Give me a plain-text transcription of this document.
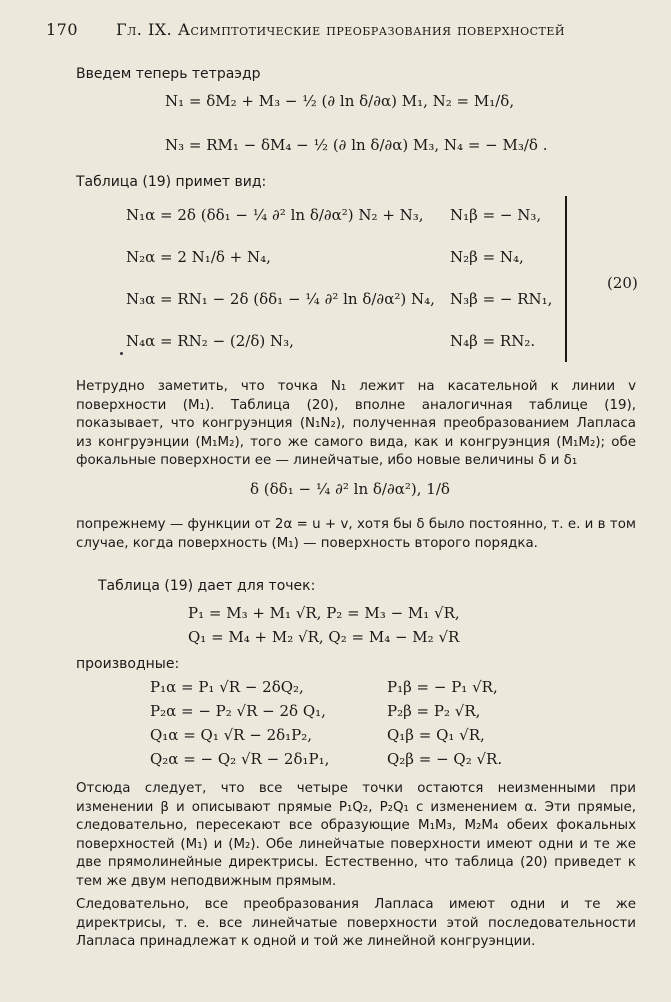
170 Гл. IX. Асимптотические преобразования поверхностей
Введем теперь тетраэдр
N₁ = δM₂ + M₃ − ½ (∂ ln δ/∂α) M₁, N₂ = M₁/δ,
N₃ = RM₁ − δM₄ − ½ (∂ ln δ/∂α) M₃, N₄ = − M₃/δ .
Таблица (19) примет вид:
N₁α = 2δ (δδ₁ − ¼ ∂² ln δ/∂α²) N₂ + N₃,
N₂α = 2 N₁/δ + N₄,
N₃α = RN₁ − 2δ (δδ₁ − ¼ ∂² ln δ/∂α²) N₄,
N₄α = RN₂ − (2/δ) N₃,
N₁β = − N₃,
N₂β = N₄,
N₃β = − RN₁,
N₄β = RN₂.
(20)
Нетрудно заметить, что точка N₁ лежит на касательной к линии v поверхности (M₁). Таблица (20), вполне аналогичная таблице (19), показывает, что конгруэнция (N₁N₂), полученная преобразованием Лапласа из конгруэнции (M₁M₂), того же самого вида, как и конгруэнция (M₁M₂); обе фокальные поверхности ее — линейчатые, ибо новые величины δ и δ₁
δ (δδ₁ − ¼ ∂² ln δ/∂α²), 1/δ
попрежнему — функции от 2α = u + v, хотя бы δ было постоянно, т. е. и в том случае, когда поверхность (M₁) — поверхность второго порядка.
Таблица (19) дает для точек:
P₁ = M₃ + M₁ √R, P₂ = M₃ − M₁ √R,
Q₁ = M₄ + M₂ √R, Q₂ = M₄ − M₂ √R
производные:
P₁α = P₁ √R − 2δQ₂,
P₂α = − P₂ √R − 2δ Q₁,
Q₁α = Q₁ √R − 2δ₁P₂,
Q₂α = − Q₂ √R − 2δ₁P₁,
P₁β = − P₁ √R,
P₂β = P₂ √R,
Q₁β = Q₁ √R,
Q₂β = − Q₂ √R.
Отсюда следует, что все четыре точки остаются неизменными при изменении β и описывают прямые P₁Q₂, P₂Q₁ с изменением α. Эти прямые, следовательно, пересекают все образующие M₁M₃, M₂M₄ обеих фокальных поверхностей (M₁) и (M₂). Обе линейчатые поверхности имеют одни и те же две прямолинейные директрисы. Естественно, что таблица (20) приведет к тем же двум неподвижным прямым.
Следовательно, все преобразования Лапласа имеют одни и те же директрисы, т. е. все линейчатые поверхности этой последовательности Лапласа принадлежат к одной и той же линейной конгруэнции.
